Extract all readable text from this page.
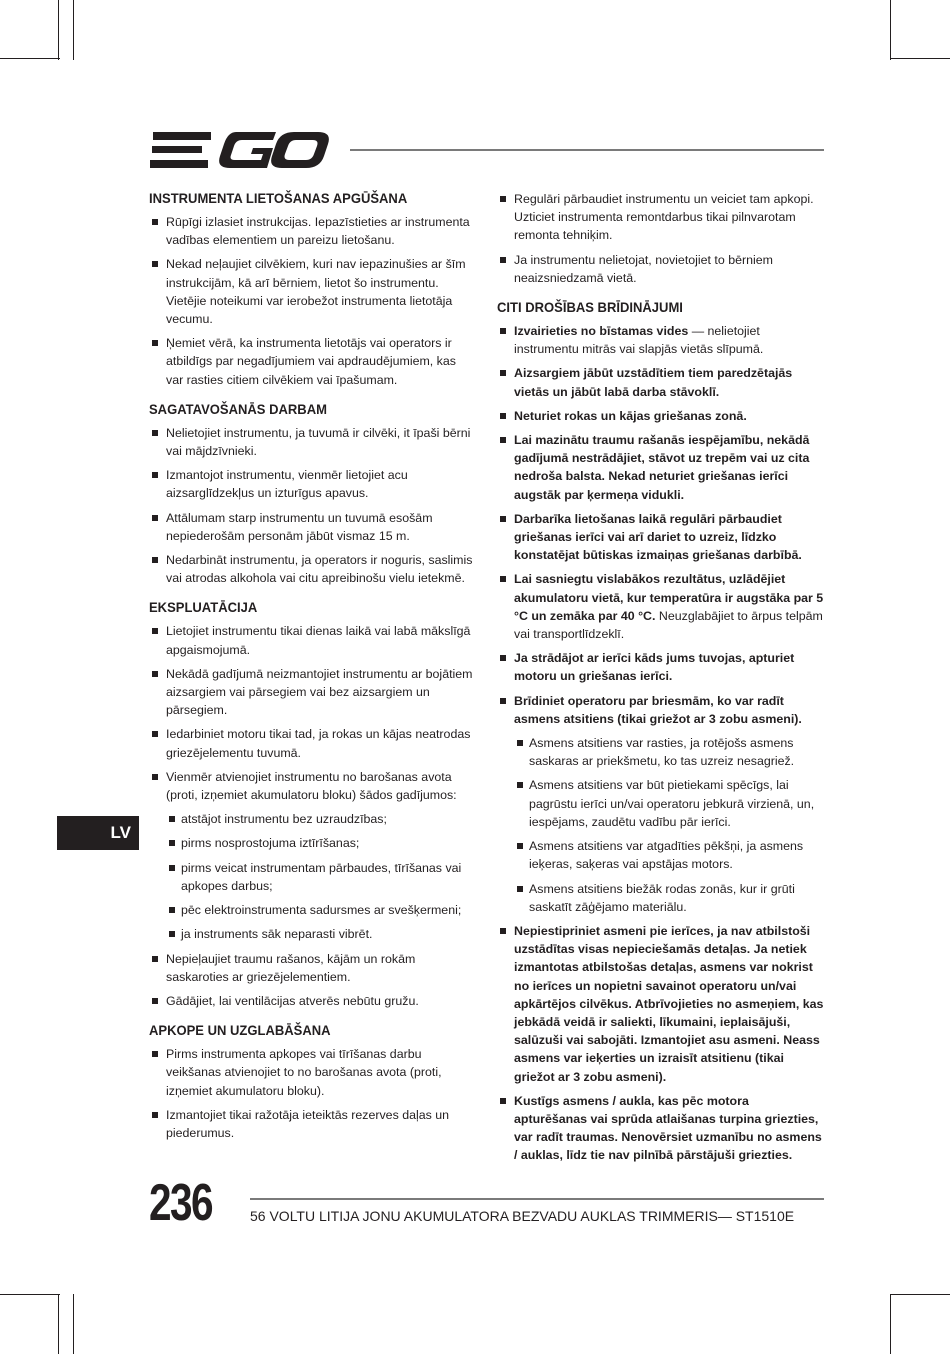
INSTRUMENTA LIETOŠANAS APGŪŠANA
Rūpīgi izlasiet instrukcijas. Iepazīstieties ar instrumenta vadības elementiem un pareizu lietošanu.
Nekad neļaujiet cilvēkiem, kuri nav iepazinušies ar šīm instrukcijām, kā arī bērniem, lietot šo instrumentu. Vietējie noteikumi var ierobežot instrumenta lietotāja vecumu.
Ņemiet vērā, ka instrumenta lietotājs vai operators ir atbildīgs par negadījumiem vai apdraudējumiem, kas var rasties citiem cilvēkiem vai īpašumam.
SAGATAVOŠANĀS DARBAM
Nelietojiet instrumentu, ja tuvumā ir cilvēki, it īpaši bērni vai mājdzīvnieki.
Izmantojot instrumentu, vienmēr lietojiet acu aizsarglīdzekļus un izturīgus apavus.
Attālumam starp instrumentu un tuvumā esošām nepiederošām personām jābūt vismaz 15 m.
Nedarbināt instrumentu, ja operators ir noguris, saslimis vai atrodas alkohola vai citu apreibinošu vielu ietekmē.
EKSPLUATĀCIJA
Lietojiet instrumentu tikai dienas laikā vai labā mākslīgā apgaismojumā.
Nekādā gadījumā neizmantojiet instrumentu ar bojātiem aizsargiem vai pārsegiem vai bez aizsargiem un pārsegiem.
Iedarbiniet motoru tikai tad, ja rokas un kājas neatrodas griezējelementu tuvumā.
Vienmēr atvienojiet instrumentu no barošanas avota (proti, izņemiet akumulatoru bloku) šādos gadījumos:
atstājot instrumentu bez uzraudzības;
pirms nosprostojuma iztīrīšanas;
pirms veicat instrumentam pārbaudes, tīrīšanas vai apkopes darbus;
pēc elektroinstrumenta sadursmes ar svešķermeni;
ja instruments sāk neparasti vibrēt.
Nepieļaujiet traumu rašanos, kājām un rokām saskaroties ar griezējelementiem.
Gādājiet, lai ventilācijas atverēs nebūtu gružu.
APKOPE UN UZGLABĀŠANA
Pirms instrumenta apkopes vai tīrīšanas darbu veikšanas atvienojiet to no barošanas avota (proti, izņemiet akumulatoru bloku).
Izmantojiet tikai ražotāja ieteiktās rezerves daļas un piederumus.
Regulāri pārbaudiet instrumentu un veiciet tam apkopi. Uzticiet instrumenta remontdarbus tikai pilnvarotam remonta tehniķim.
Ja instrumentu nelietojat, novietojiet to bērniem neaizsniedzamā vietā.
CITI DROŠĪBAS BRĪDINĀJUMI
Izvairieties no bīstamas vides — nelietojiet instrumentu mitrās vai slapjās vietās slīpumā.
Aizsargiem jābūt uzstādītiem tiem paredzētajās vietās un jābūt labā darba stāvoklī.
Neturiet rokas un kājas griešanas zonā.
Lai mazinātu traumu rašanās iespējamību, nekādā gadījumā nestrādājiet, stāvot uz trepēm vai uz cita nedroša balsta. Nekad neturiet griešanas ierīci augstāk par ķermeņa vidukli.
Darbarīka lietošanas laikā regulāri pārbaudiet griešanas ierīci vai arī dariet to uzreiz, līdzko konstatējat būtiskas izmaiņas griešanas darbībā.
Lai sasniegtu vislabākos rezultātus, uzlādējiet akumulatoru vietā, kur temperatūra ir augstāka par 5 °C un zemāka par 40 °C. Neuzglabājiet to ārpus telpām vai transportlīdzeklī.
Ja strādājot ar ierīci kāds jums tuvojas, apturiet motoru un griešanas ierīci.
Brīdiniet operatoru par briesmām, ko var radīt asmens atsitiens (tikai griežot ar 3 zobu asmeni).
Asmens atsitiens var rasties, ja rotējošs asmens saskaras ar priekšmetu, ko tas uzreiz nesagriež.
Asmens atsitiens var būt pietiekami spēcīgs, lai pagrūstu ierīci un/vai operatoru jebkurā virzienā, un, iespējams, zaudētu vadību pār ierīci.
Asmens atsitiens var atgadīties pēkšņi, ja asmens ieķeras, saķeras vai apstājas motors.
Asmens atsitiens biežāk rodas zonās, kur ir grūti saskatīt zāģējamo materiālu.
Nepiestipriniet asmeni pie ierīces, ja nav atbilstoši uzstādītas visas nepieciešamās detaļas. Ja netiek izmantotas atbilstošas detaļas, asmens var nokrist no ierīces un nopietni savainot operatoru un/vai apkārtējos cilvēkus. Atbrīvojieties no asmeņiem, kas jebkādā veidā ir saliekti, līkumaini, ieplaisājuši, salūzuši vai sabojāti. Izmantojiet asu asmeni. Neass asmens var ieķerties un izraisīt atsitienu (tikai griežot ar 3 zobu asmeni).
Kustīgs asmens / aukla, kas pēc motora apturēšanas vai sprūda atlaišanas turpina griezties, var radīt traumas. Nenovērsiet uzmanību no asmens / auklas, līdz tie nav pilnībā pārstājuši griezties.
LV
236	56 VOLTU LITIJA JONU AKUMULATORA BEZVADU AUKLAS TRIMMERIS— ST1510E
